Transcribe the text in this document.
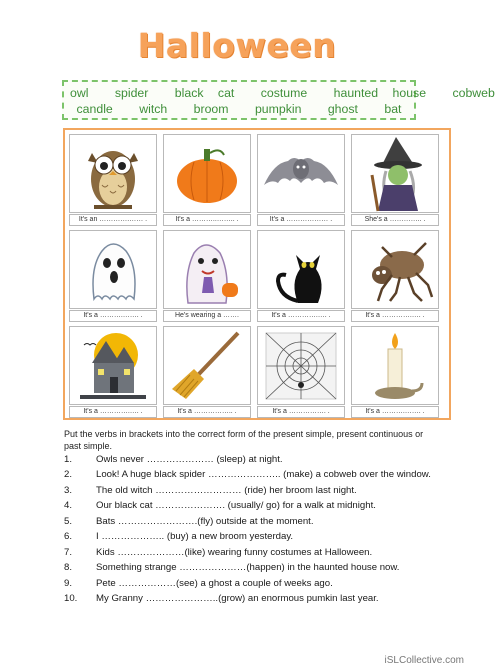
Halloween
owl spider black cat costume haunted house cobweb
candle witch broom pumpkin ghost bat
It's an ………….…… .	It's a ………..…….. .	It's a ……………… .	She's a ………….. .
It's a ……….……. .	He's wearing a …….	It's a ………….…. .	It's a ………….…. .
It's a ………….…. .	It's a …………….. .	It's a ……………. .	It's a ……….……. .
Put the verbs in brackets into the correct form of the present simple, present continuous or past simple.
1. Owls never ………………… (sleep) at night.
2. Look! A huge black spider ………………….. (make) a cobweb over the window.
3. The old witch ……………………… (ride) her broom last night.
4. Our black cat …………………. (usually/ go) for a walk at midnight.
5. Bats …………………….(fly) outside at the moment.
6. I ……………….. (buy) a new broom yesterday.
7. Kids …………………(like) wearing funny costumes at Halloween.
8. Something strange …………………(happen) in the haunted house now.
9. Pete ………………(see) a ghost a couple of weeks ago.
10. My Granny …………………..(grow) an enormous pumkin last year.
iSLCollective.com
